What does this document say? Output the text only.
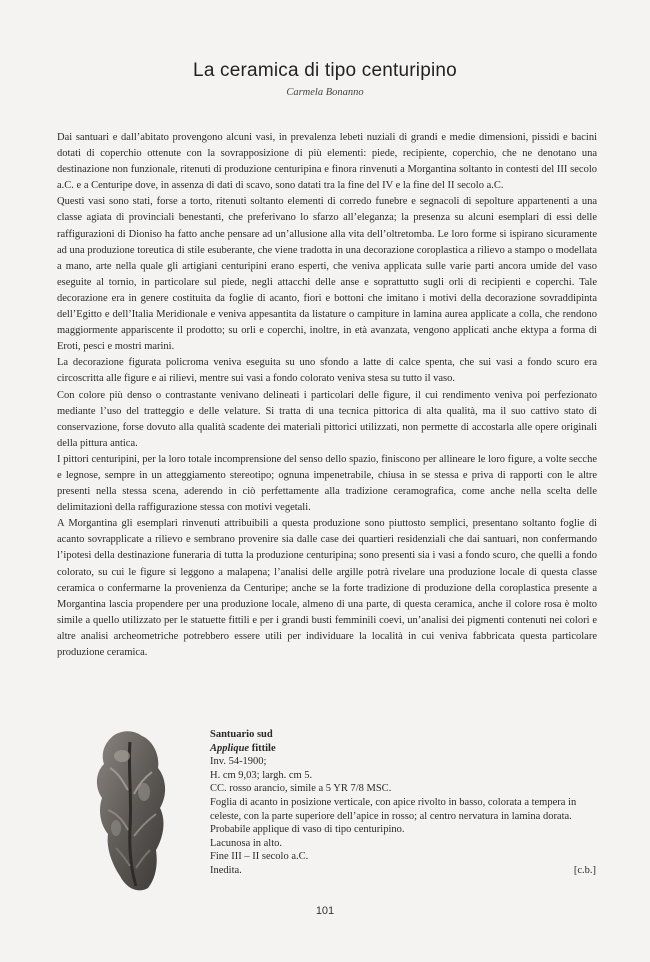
La ceramica di tipo centuripino
Carmela Bonanno

Dai santuari e dall’abitato provengono alcuni vasi, in prevalenza lebeti nuziali di grandi e medie dimensioni, pissidi e bacini dotati di coperchio ottenute con la sovrapposizione di più elementi: piede, recipiente, coperchio, che ne denotano una destinazione non funzionale, ritenuti di produzione centuripina e finora rinvenuti a Morgantina soltanto in contesti del III secolo a.C. e a Centuripe dove, in assenza di dati di scavo, sono datati tra la fine del IV e la fine del II secolo a.C.

Questi vasi sono stati, forse a torto, ritenuti soltanto elementi di corredo funebre e segnacoli di sepolture appartenenti a una classe agiata di provinciali benestanti, che preferivano lo sfarzo all’eleganza; la presenza su alcuni esemplari di essi delle raffigurazioni di Dioniso ha fatto anche pensare ad un’allusione alla vita dell’oltretomba. Le loro forme si ispirano sicuramente ad una produzione toreutica di stile esuberante, che viene tradotta in una decorazione coroplastica a rilievo a stampo o modellata a mano, arte nella quale gli artigiani centuripini erano esperti, che veniva applicata sulle varie parti ancora umide del vaso eseguite al tornio, in particolare sul piede, negli attacchi delle anse e soprattutto sugli orli di recipienti e coperchi. Tale decorazione era in genere costituita da foglie di acanto, fiori e bottoni che imitano i motivi della decorazione sovraddipinta dell’Egitto e dell’Italia Meridionale e veniva appesantita da listature o campiture in lamina aurea applicate a colla, che rendono maggiormente appariscente il prodotto; su orli e coperchi, inoltre, in età avanzata, vengono applicati anche ektypa a forma di Eroti, pesci e mostri marini.

La decorazione figurata policroma veniva eseguita su uno sfondo a latte di calce spenta, che sui vasi a fondo scuro era circoscritta alle figure e ai rilievi, mentre sui vasi a fondo colorato veniva stesa su tutto il vaso.

Con colore più denso o contrastante venivano delineati i particolari delle figure, il cui rendimento veniva poi perfezionato mediante l’uso del tratteggio e delle velature. Si tratta di una tecnica pittorica di alta qualità, ma il suo cattivo stato di conservazione, forse dovuto alla qualità scadente dei materiali pittorici utilizzati, non permette di accostarla alle opere originali della pittura antica.

I pittori centuripini, per la loro totale incomprensione del senso dello spazio, finiscono per allineare le loro figure, a volte secche e legnose, sempre in un atteggiamento stereotipo; ognuna impenetrabile, chiusa in se stessa e priva di rapporti con le altre presenti nella stessa scena, aderendo in ciò perfettamente alla tradizione ceramografica, come anche nella scelta delle delimitazioni della raffigurazione stessa con motivi vegetali.

A Morgantina gli esemplari rinvenuti attribuibili a questa produzione sono piuttosto semplici, presentano soltanto foglie di acanto sovrapplicate a rilievo e sembrano provenire sia dalle case dei quartieri residenziali che dai santuari, non confermando l’ipotesi della destinazione funeraria di tutta la produzione centuripina; sono presenti sia i vasi a fondo scuro, che quelli a fondo colorato, su cui le figure si leggono a malapena; l’analisi delle argille potrà rivelare una produzione locale di questa classe ceramica o confermarne la provenienza da Centuripe; anche se la forte tradizione di produzione della coroplastica presente a Morgantina lascia propendere per una produzione locale, almeno di una parte, di questa ceramica, anche il colore rosa è molto simile a quello utilizzato per le statuette fittili e per i grandi busti femminili coevi, un’analisi dei pigmenti contenuti nei colori e altre analisi archeometriche potrebbero essere utili per individuare la località in cui veniva fabbricata questa particolare produzione ceramica.

Santuario sud
Applique fittile
Inv. 54-1900;
H. cm 9,03; largh. cm 5.
CC. rosso arancio, simile a 5 YR 7/8 MSC.
Foglia di acanto in posizione verticale, con apice rivolto in basso, colorata a tempera in celeste, con la parte superiore dell’apice in rosso; al centro nervatura in lamina dorata. Probabile applique di vaso di tipo centuripino.
Lacunosa in alto.
Fine III – II secolo a.C.
Inedita.	[c.b.]
101
